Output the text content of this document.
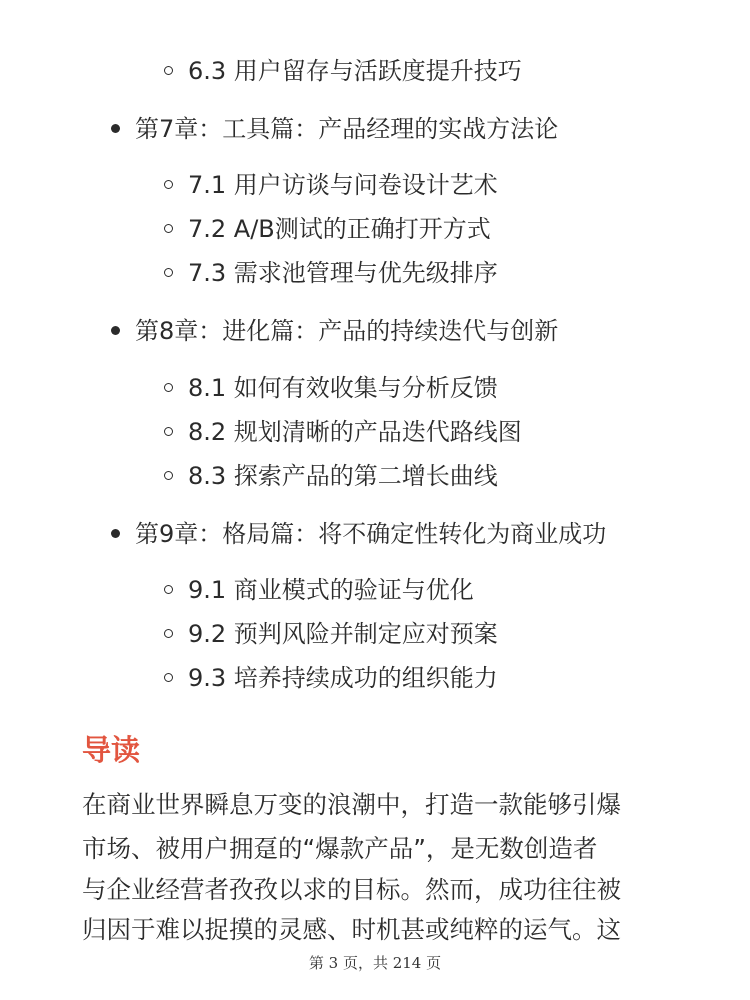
6.3 用户留存与活跃度提升技巧
第7章：工具篇：产品经理的实战方法论
7.1 用户访谈与问卷设计艺术
7.2 A/B测试的正确打开方式
7.3 需求池管理与优先级排序
第8章：进化篇：产品的持续迭代与创新
8.1 如何有效收集与分析反馈
8.2 规划清晰的产品迭代路线图
8.3 探索产品的第二增长曲线
第9章：格局篇：将不确定性转化为商业成功
9.1 商业模式的验证与优化
9.2 预判风险并制定应对预案
9.3 培养持续成功的组织能力
导读
在商业世界瞬息万变的浪潮中，打造一款能够引爆
市场、被用户拥趸的“爆款产品”，是无数创造者
与企业经营者孜孜以求的目标。然而，成功往往被
归因于难以捉摸的灵感、时机甚或纯粹的运气。这
第 3 页，共 214 页
